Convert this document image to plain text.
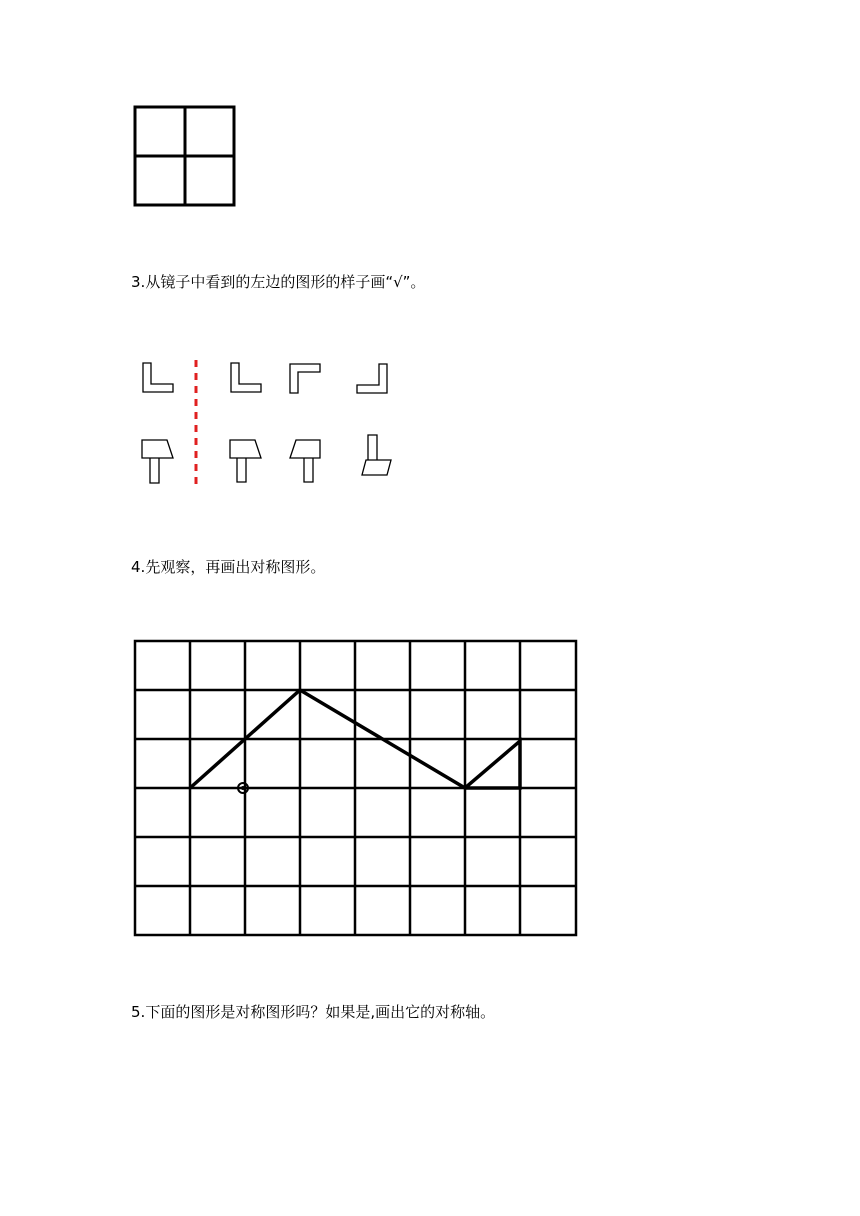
3.从镜子中看到的左边的图形的样子画“√”。
4.先观察，再画出对称图形。
5.下面的图形是对称图形吗？如果是,画出它的对称轴。
